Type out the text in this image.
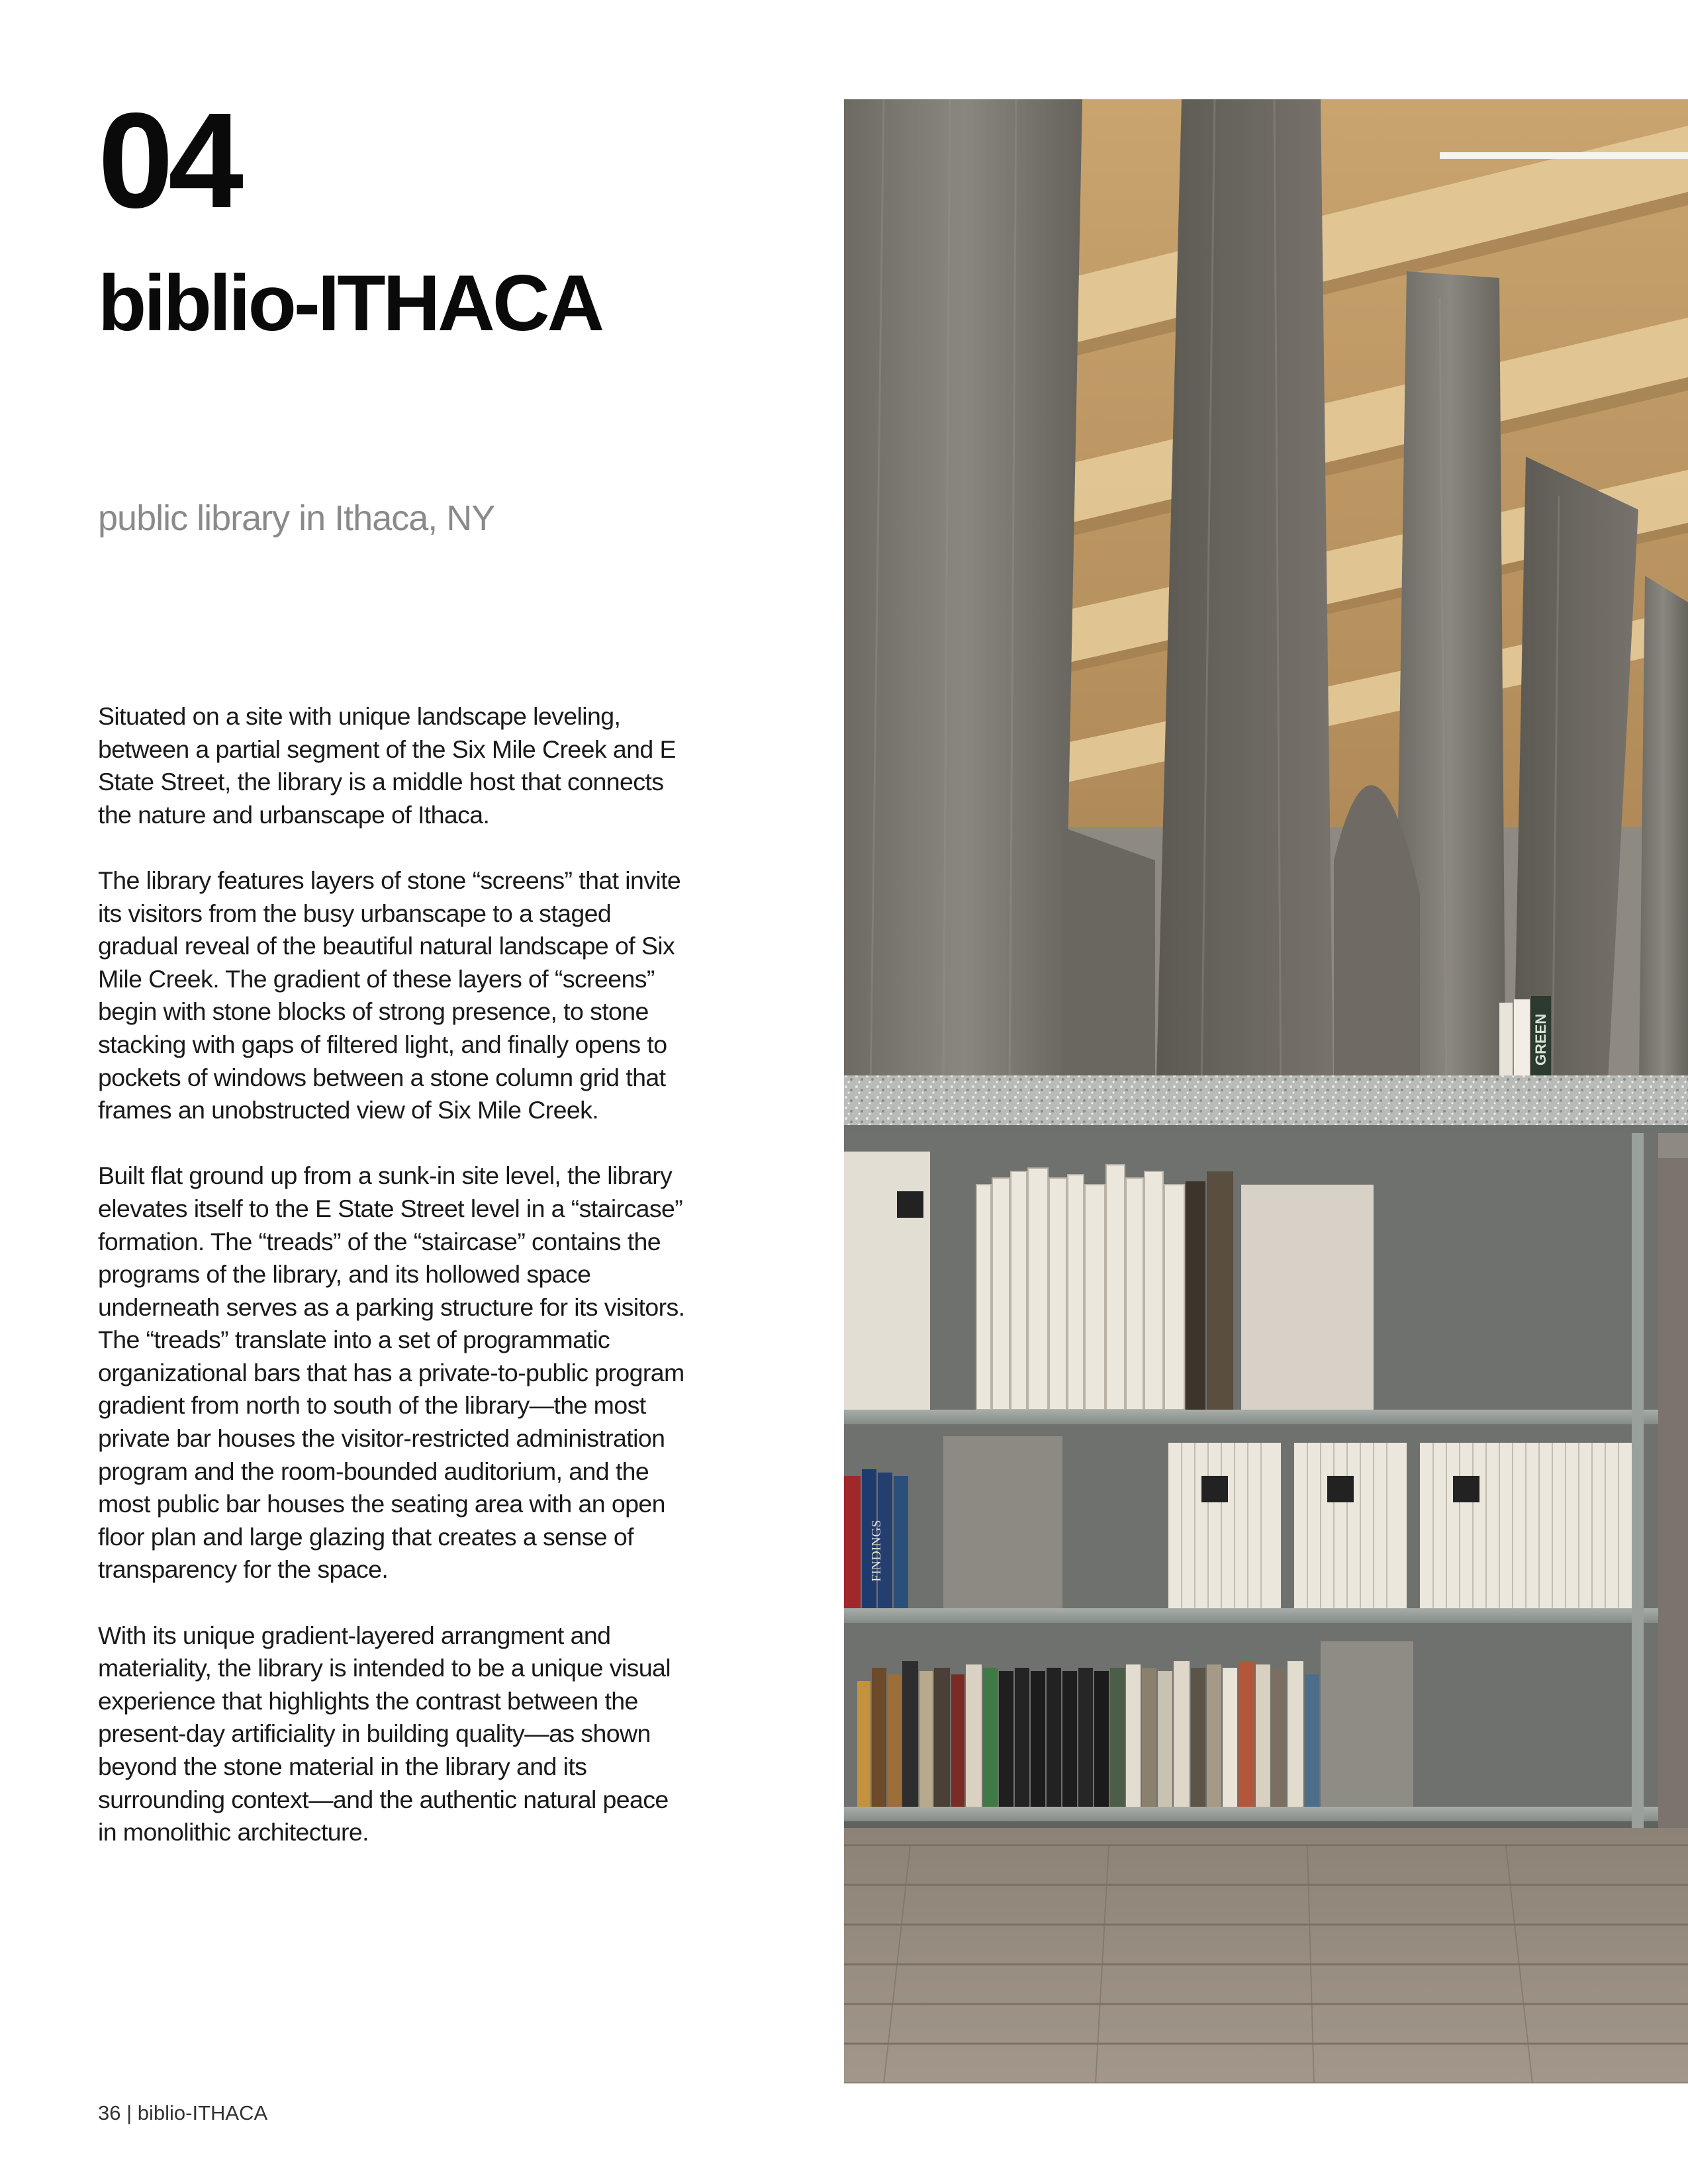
04
biblio-ITHACA
public library in Ithaca, NY

Situated on a site with unique landscape leveling, between a partial segment of the Six Mile Creek and E State Street, the library is a middle host that connects the nature and urbanscape of Ithaca.

The library features layers of stone “screens” that invite its visitors from the busy urbanscape to a staged gradual reveal of the beautiful natural landscape of Six Mile Creek. The gradient of these layers of “screens” begin with stone blocks of strong presence, to stone stacking with gaps of filtered light, and finally opens to pockets of windows between a stone column grid that frames an unobstructed view of Six Mile Creek.

Built flat ground up from a sunk-in site level, the library elevates itself to the E State Street level in a “staircase” formation. The “treads” of the “staircase” contains the programs of the library, and its hollowed space underneath serves as a parking structure for its visitors. The “treads” translate into a set of programmatic organizational bars that has a private-to-public program gradient from north to south of the library—the most private bar houses the visitor-restricted administration program and the room-bounded auditorium, and the most public bar houses the seating area with an open floor plan and large glazing that creates a sense of transparency for the space.

With its unique gradient-layered arrangment and materiality, the library is intended to be a unique visual experience that highlights the contrast between the present-day artificiality in building quality—as shown beyond the stone material in the library and its surrounding context—and the authentic natural peace in monolithic architecture.

36 | biblio-ITHACA
GREEN
FINDINGS
